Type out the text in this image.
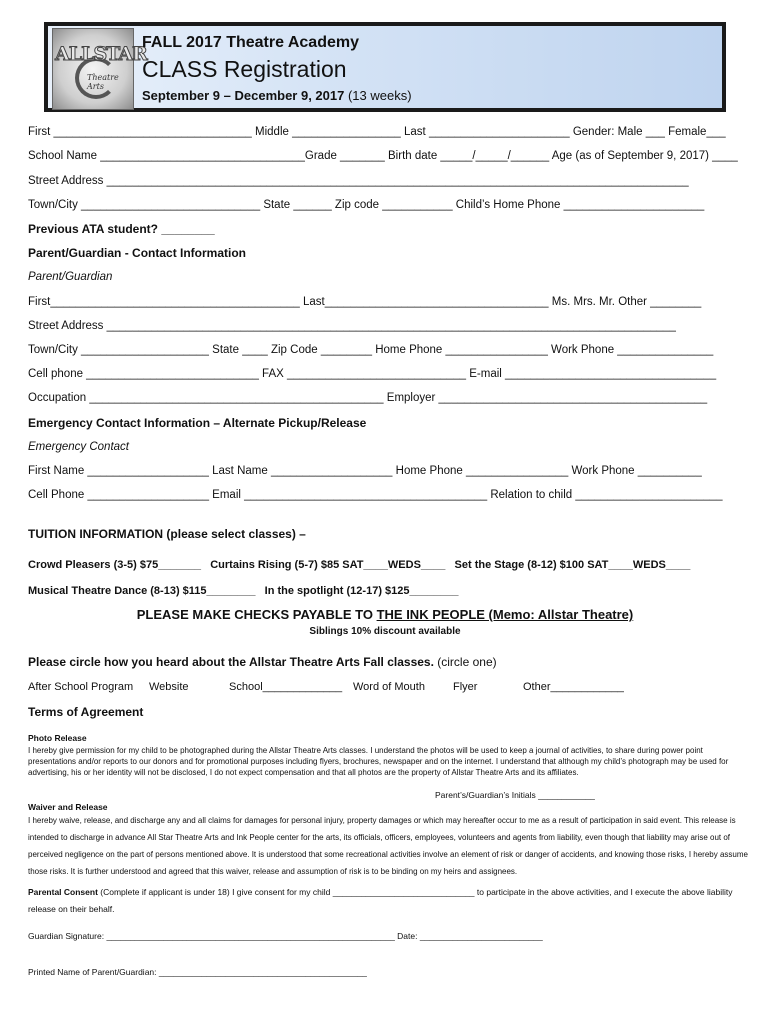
ALLSTAR
Theatre Arts
FALL 2017 Theatre Academy
CLASS Registration
September 9 – December 9, 2017 (13 weeks)
First _______________________________ Middle _________________ Last ______________________ Gender: Male ___ Female___
School Name ________________________________Grade _______ Birth date _____/_____/______ Age (as of September 9, 2017) ____
Street Address ___________________________________________________________________________________________
Town/City ____________________________ State ______ Zip code ___________ Child’s Home Phone ______________________
Previous ATA student? ________
Parent/Guardian - Contact Information
Parent/Guardian
First_______________________________________ Last___________________________________ Ms. Mrs. Mr. Other ________
Street Address _________________________________________________________________________________________
Town/City ____________________ State ____ Zip Code ________ Home Phone ________________ Work Phone _______________
Cell phone ___________________________ FAX ____________________________ E-mail _________________________________
Occupation ______________________________________________ Employer __________________________________________
Emergency Contact Information – Alternate Pickup/Release
Emergency Contact
First Name ___________________ Last Name ___________________ Home Phone ________________ Work Phone __________
Cell Phone ___________________ Email ______________________________________ Relation to child _______________________
TUITION INFORMATION (please select classes) –
Crowd Pleasers (3-5) $75_______   Curtains Rising (5-7) $85 SAT____WEDS____   Set the Stage (8-12) $100 SAT____WEDS____
Musical Theatre Dance (8-13) $115________   In the spotlight (12-17) $125________
PLEASE MAKE CHECKS PAYABLE TO THE INK PEOPLE (Memo: Allstar Theatre)
Siblings 10% discount available
Please circle how you heard about the Allstar Theatre Arts Fall classes. (circle one)
After School Program Website	School_____________ Word of Mouth	Flyer	Other____________
Terms of Agreement
Photo Release
I hereby give permission for my child to be photographed during the Allstar Theatre Arts classes. I understand the photos will be used to keep a journal of activities, to share during power point presentations and/or reports to our donors and for promotional purposes including flyers, brochures, newspaper and on the internet. I understand that although my child’s photograph may be used for advertising, his or her identity will not be disclosed, I do not expect compensation and that all photos are the property of Allstar Theatre Arts and its affiliates.
Parent’s/Guardian’s Initials ____________
Waiver and Release
I hereby waive, release, and discharge any and all claims for damages for personal injury, property damages or which may hereafter occur to me as a result of participation in said event. This release is intended to discharge in advance All Star Theatre Arts and Ink People center for the arts, its officials, officers, employees, volunteers and agents from liability, even though that liability may arise out of perceived negligence on the part of persons mentioned above. It is understood that some recreational activities involve an element of risk or danger of accidents, and knowing those risks, I hereby assume those risks. It is further understood and agreed that this waiver, release and assumption of risk is to be binding on my heirs and assignees.
Parental Consent (Complete if applicant is under 18) I give consent for my child ______________________________ to participate in the above activities, and I execute the above liability release on their behalf.
Guardian Signature: _____________________________________________________________ Date: __________________________
Printed Name of Parent/Guardian: ____________________________________________
